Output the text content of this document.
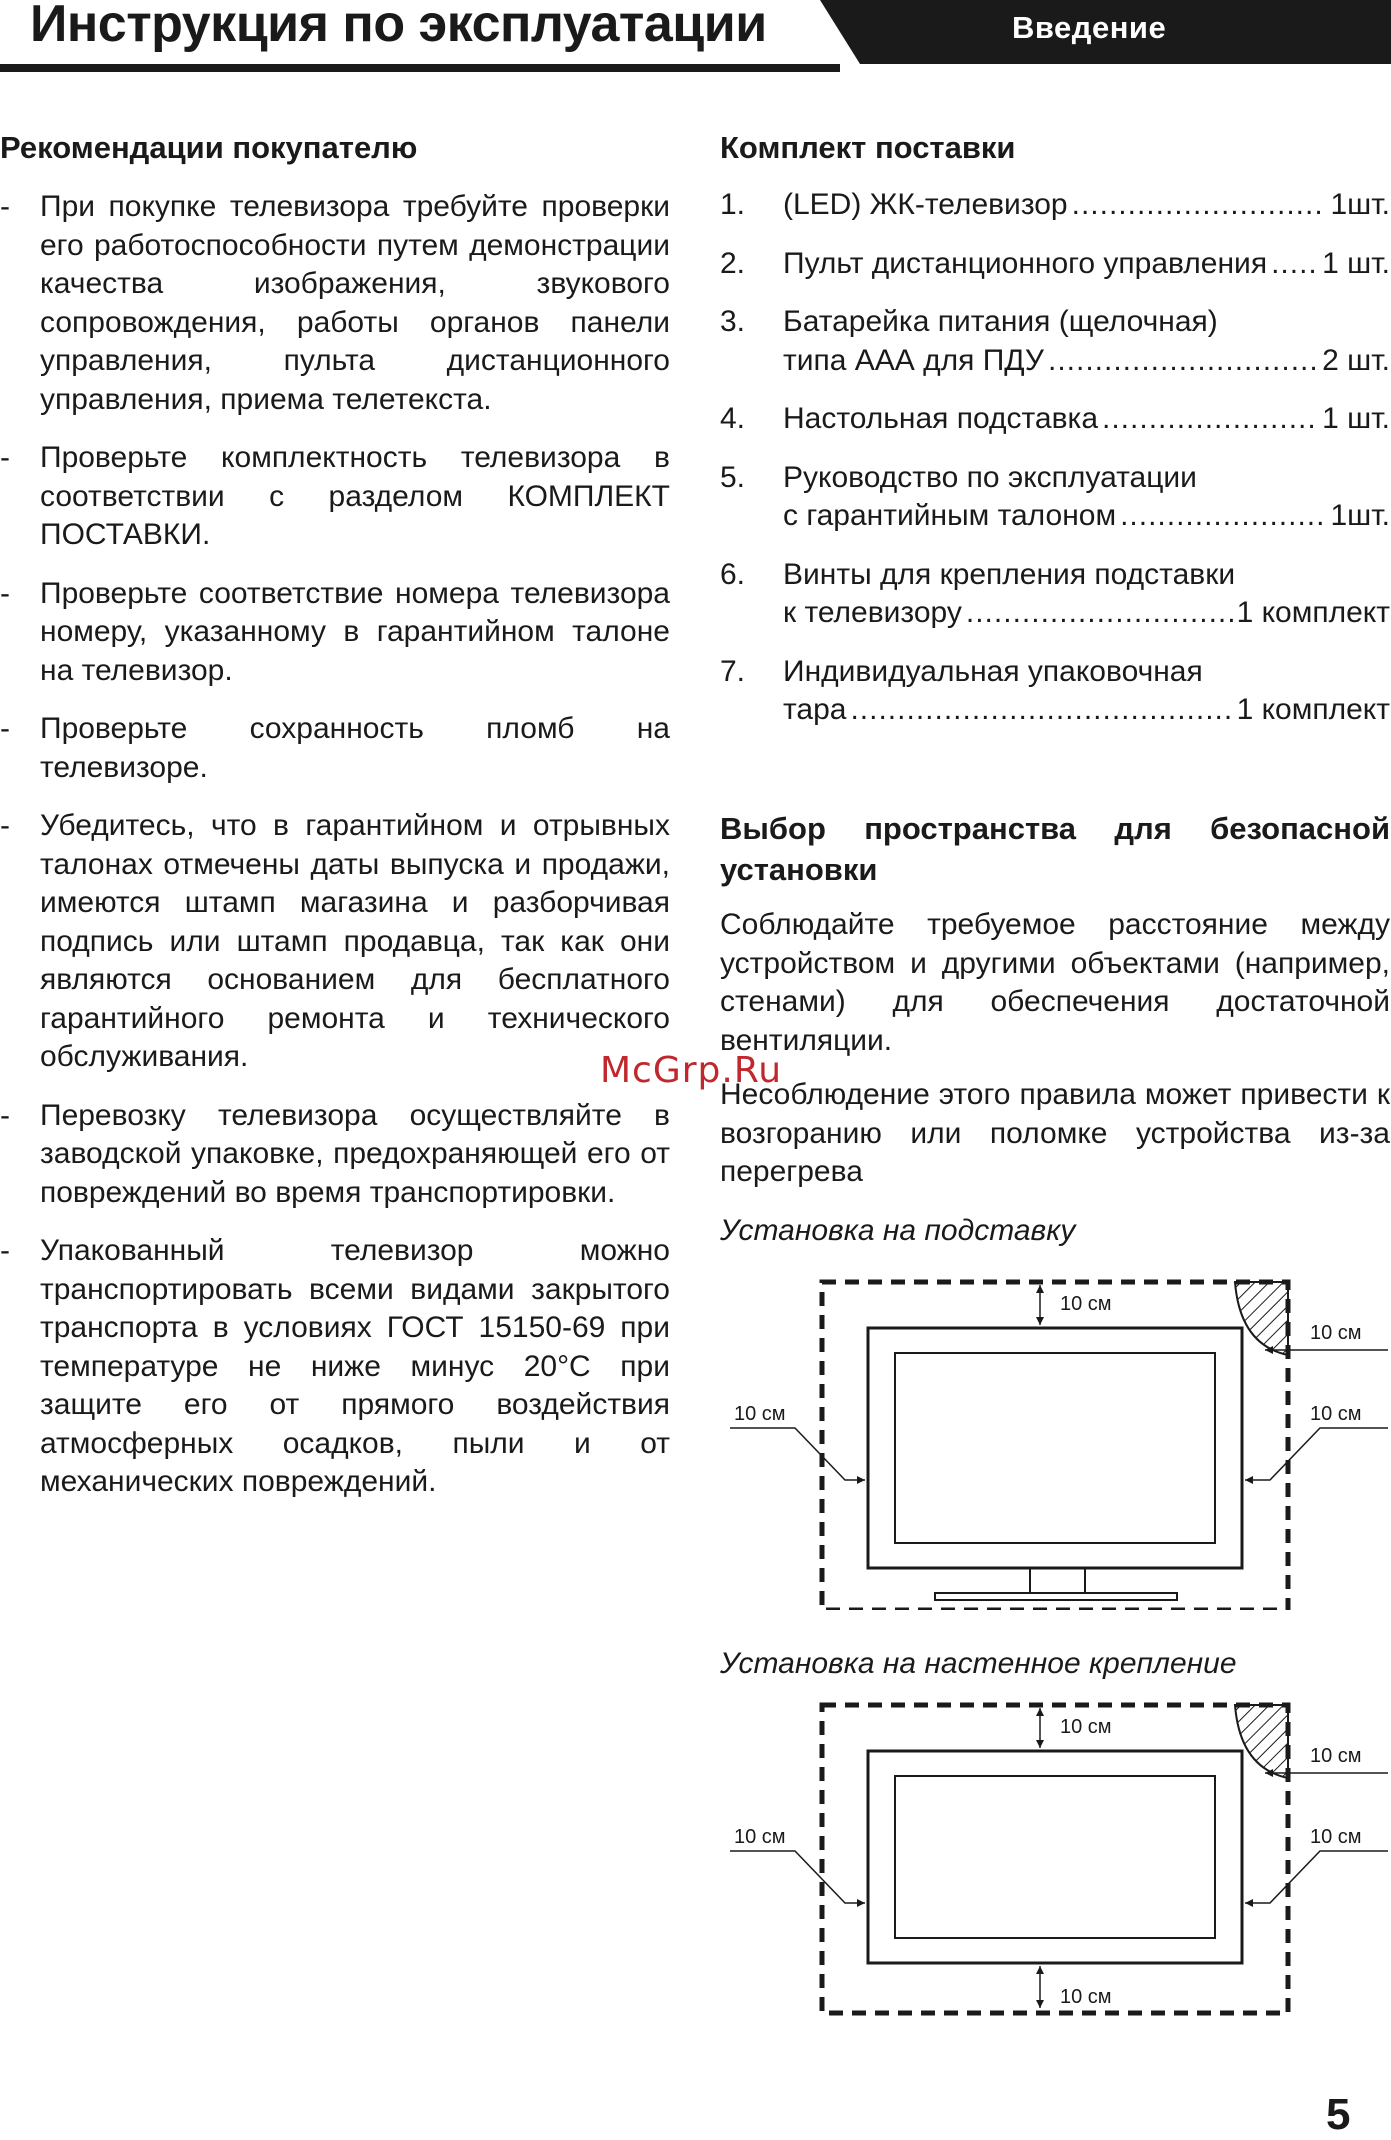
Инструкция по эксплуатации	Введение
Рекомендации покупателю
- При покупке телевизора требуйте проверки его работоспособности путем демонстрации качества изображения, звукового сопровождения, работы органов панели управления, пульта дистанционного управления, приема телетекста.
- Проверьте комплектность телевизора в соответствии с разделом КОМПЛЕКТ ПОСТАВКИ.
- Проверьте соответствие номера телевизора номеру, указанному в гарантийном талоне на телевизор.
- Проверьте сохранность пломб на телевизоре.
- Убедитесь, что в гарантийном и отрывных талонах отмечены даты выпуска и продажи, имеются штамп магазина и разборчивая подпись или штамп продавца, так как они являются основанием для бесплатного гарантийного ремонта и технического обслуживания.
- Перевозку телевизора осуществляйте в заводской упаковке, предохраняющей его от повреждений во время транспортировки.
- Упакованный телевизор можно транспортировать всеми видами закрытого транспорта в условиях ГОСТ 15150-69 при температуре не ниже минус 20°С при защите его от прямого воздействия атмосферных осадков, пыли и от механических повреждений.
Комплект поставки
1. (LED) ЖК-телевизор .....	1шт.
2. Пульт дистанционного управления ..... 1 шт.
3. Батарейка питания (щелочная)
типа ААА для ПДУ .....	2 шт.
4. Настольная подставка .....	1 шт.
5. Руководство по эксплуатации
с гарантийным талоном .....	1шт.
6. Винты для крепления подставки
к телевизору .....	1 комплект
7. Индивидуальная упаковочная
тара .....	1 комплект
Выбор пространства для безопасной установки

Соблюдайте требуемое расстояние между устройством и другими объектами (например, стенами) для обеспечения достаточной вентиляции.

Несоблюдение этого правила может привести к возгоранию или поломке устройства из-за перегрева

Установка на подставку

10 см
10 см
10 см	10 см

Установка на настенное крепление

10 см
10 см
10 см	10 см
10 см
McGrp.Ru
5
